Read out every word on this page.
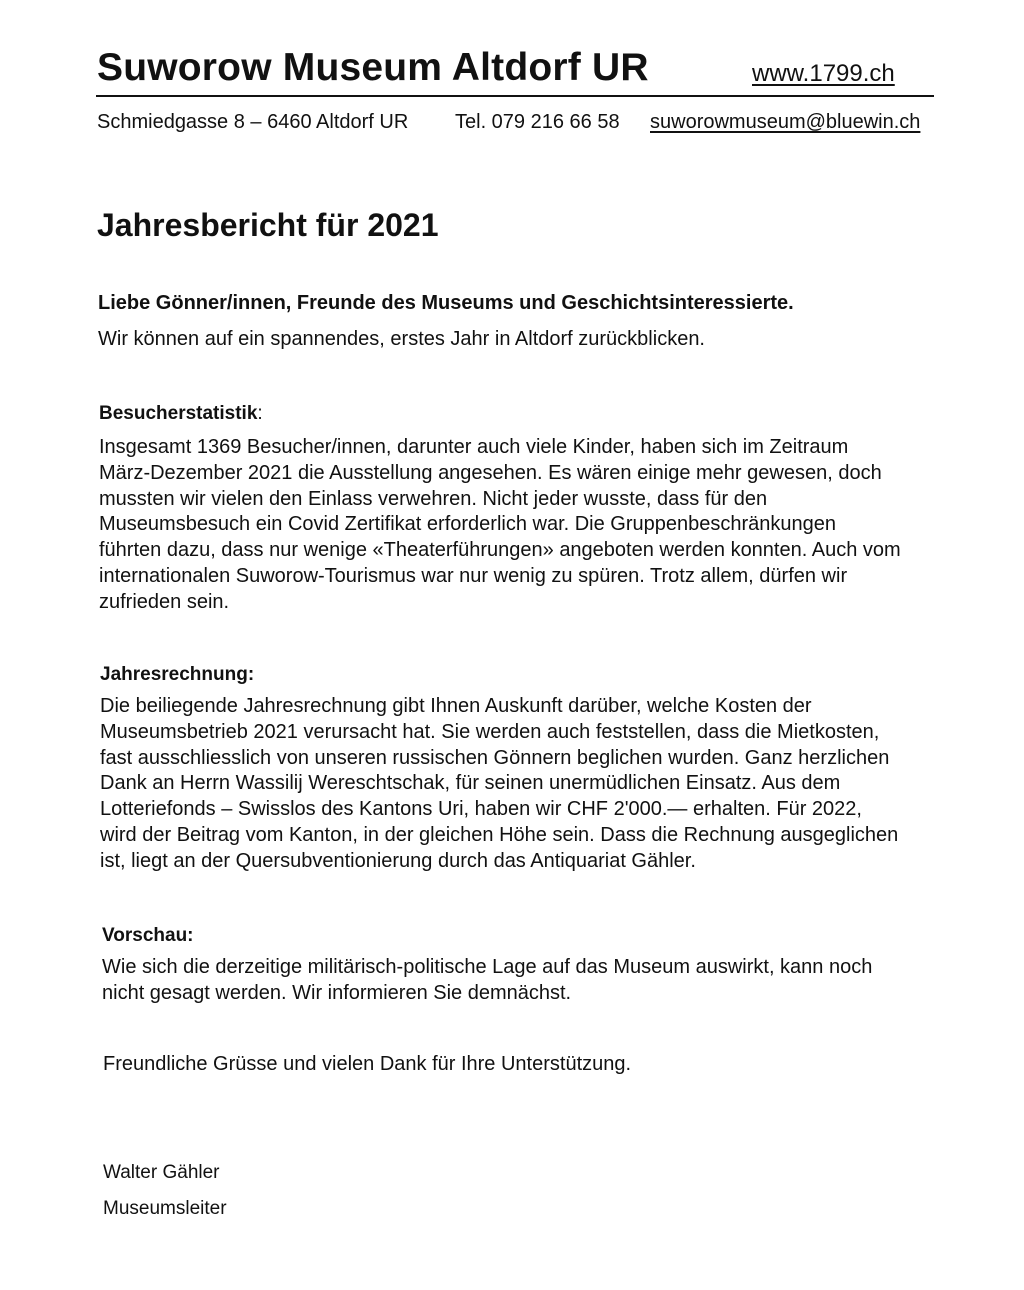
Suworow Museum Altdorf UR	www.1799.ch
Schmiedgasse 8 – 6460 Altdorf UR Tel. 079 216 66 58 suworowmuseum@bluewin.ch
Jahresbericht für 2021
Liebe Gönner/innen, Freunde des Museums und Geschichtsinteressierte.
Wir können auf ein spannendes, erstes Jahr in Altdorf zurückblicken.
Besucherstatistik:
Insgesamt 1369 Besucher/innen, darunter auch viele Kinder, haben sich im Zeitraum
März-Dezember 2021 die Ausstellung angesehen. Es wären einige mehr gewesen, doch
mussten wir vielen den Einlass verwehren. Nicht jeder wusste, dass für den
Museumsbesuch ein Covid Zertifikat erforderlich war. Die Gruppenbeschränkungen
führten dazu, dass nur wenige «Theaterführungen» angeboten werden konnten. Auch vom
internationalen Suworow-Tourismus war nur wenig zu spüren. Trotz allem, dürfen wir
zufrieden sein.
Jahresrechnung:
Die beiliegende Jahresrechnung gibt Ihnen Auskunft darüber, welche Kosten der
Museumsbetrieb 2021 verursacht hat. Sie werden auch feststellen, dass die Mietkosten,
fast ausschliesslich von unseren russischen Gönnern beglichen wurden. Ganz herzlichen
Dank an Herrn Wassilij Wereschtschak, für seinen unermüdlichen Einsatz. Aus dem
Lotteriefonds – Swisslos des Kantons Uri, haben wir CHF 2'000.— erhalten. Für 2022,
wird der Beitrag vom Kanton, in der gleichen Höhe sein. Dass die Rechnung ausgeglichen
ist, liegt an der Quersubventionierung durch das Antiquariat Gähler.
Vorschau:
Wie sich die derzeitige militärisch-politische Lage auf das Museum auswirkt, kann noch
nicht gesagt werden. Wir informieren Sie demnächst.
Freundliche Grüsse und vielen Dank für Ihre Unterstützung.
Walter Gähler
Museumsleiter
